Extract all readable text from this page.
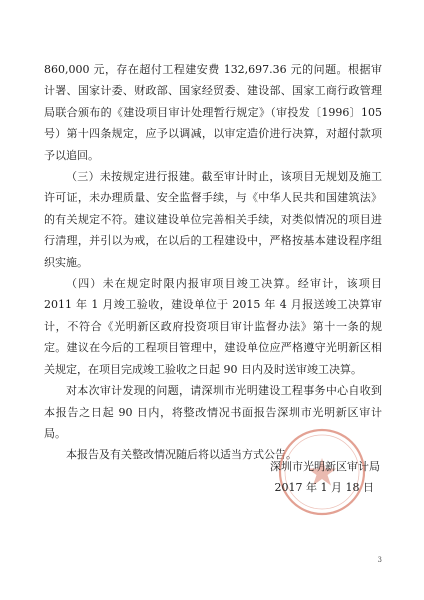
860,000 元，存在超付工程建安费 132,697.36 元的问题。根据审计署、国家计委、财政部、国家经贸委、建设部、国家工商行政管理局联合颁布的《建设项目审计处理暂行规定》（审投发〔1996〕105 号）第十四条规定，应予以调减，以审定造价进行决算，对超付款项予以追回。

（三）未按规定进行报建。截至审计时止，该项目无规划及施工许可证，未办理质量、安全监督手续，与《中华人民共和国建筑法》的有关规定不符。建议建设单位完善相关手续，对类似情况的项目进行清理，并引以为戒，在以后的工程建设中，严格按基本建设程序组织实施。

（四）未在规定时限内报审项目竣工决算。经审计，该项目 2011 年 1 月竣工验收，建设单位于 2015 年 4 月报送竣工决算审计，不符合《光明新区政府投资项目审计监督办法》第十一条的规定。建议在今后的工程项目管理中，建设单位应严格遵守光明新区相关规定，在项目完成竣工验收之日起 90 日内及时送审竣工决算。

对本次审计发现的问题，请深圳市光明建设工程事务中心自收到本报告之日起 90 日内，将整改情况书面报告深圳市光明新区审计局。

本报告及有关整改情况随后将以适当方式公告。

深圳市光明新区审计局
2017 年 1 月 18 日
3
